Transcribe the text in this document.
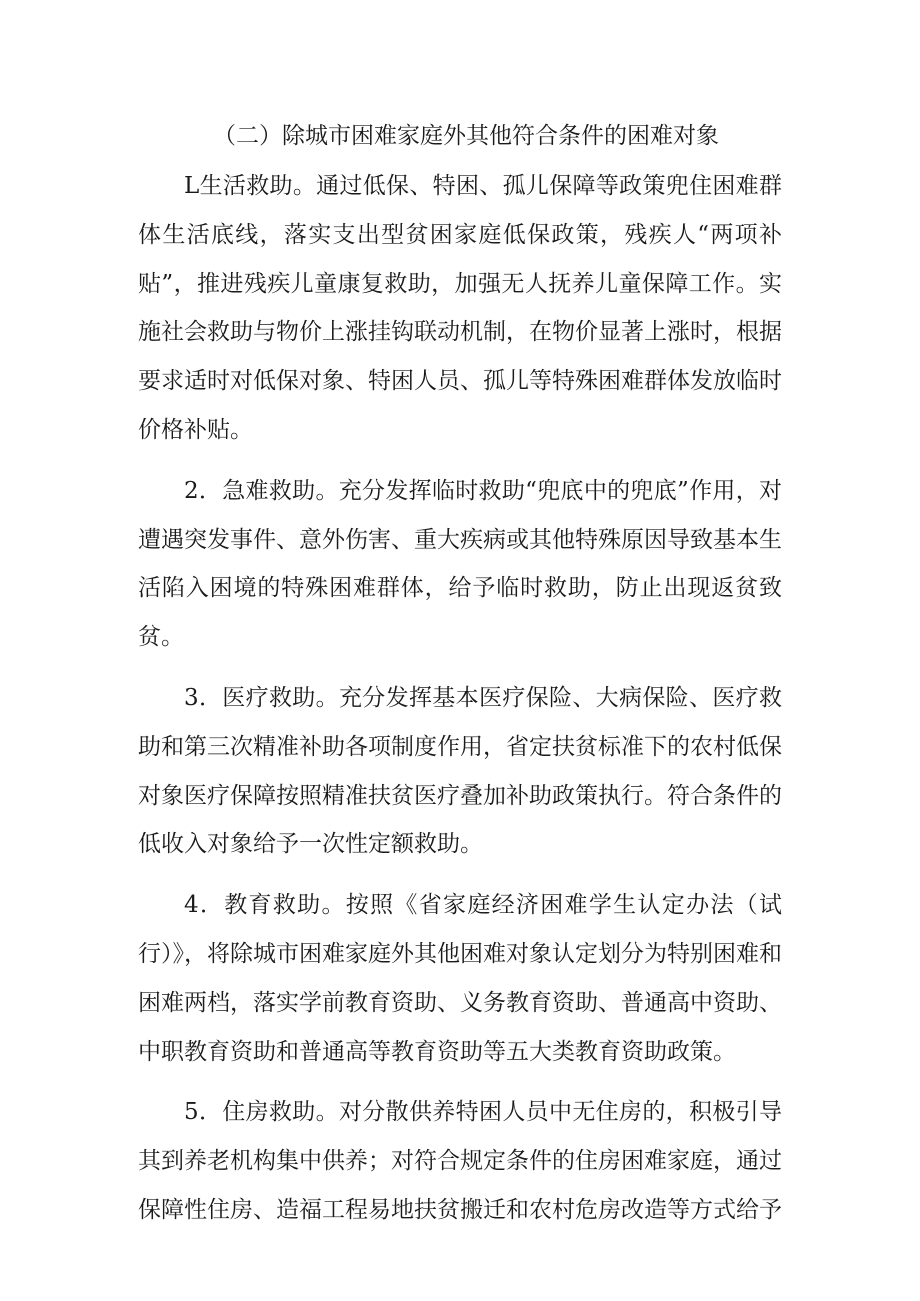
（二）除城市困难家庭外其他符合条件的困难对象

L生活救助。通过低保、特困、孤儿保障等政策兜住困难群体生活底线，落实支出型贫困家庭低保政策，残疾人“两项补贴”，推进残疾儿童康复救助，加强无人抚养儿童保障工作。实施社会救助与物价上涨挂钩联动机制，在物价显著上涨时，根据要求适时对低保对象、特困人员、孤儿等特殊困难群体发放临时价格补贴。

2．急难救助。充分发挥临时救助“兜底中的兜底”作用，对遭遇突发事件、意外伤害、重大疾病或其他特殊原因导致基本生活陷入困境的特殊困难群体，给予临时救助，防止出现返贫致贫。

3．医疗救助。充分发挥基本医疗保险、大病保险、医疗救助和第三次精准补助各项制度作用，省定扶贫标准下的农村低保对象医疗保障按照精准扶贫医疗叠加补助政策执行。符合条件的低收入对象给予一次性定额救助。

4．教育救助。按照《省家庭经济困难学生认定办法（试行）》，将除城市困难家庭外其他困难对象认定划分为特别困难和困难两档，落实学前教育资助、义务教育资助、普通高中资助、中职教育资助和普通高等教育资助等五大类教育资助政策。

5．住房救助。对分散供养特困人员中无住房的，积极引导其到养老机构集中供养；对符合规定条件的住房困难家庭，通过保障性住房、造福工程易地扶贫搬迁和农村危房改造等方式给予
